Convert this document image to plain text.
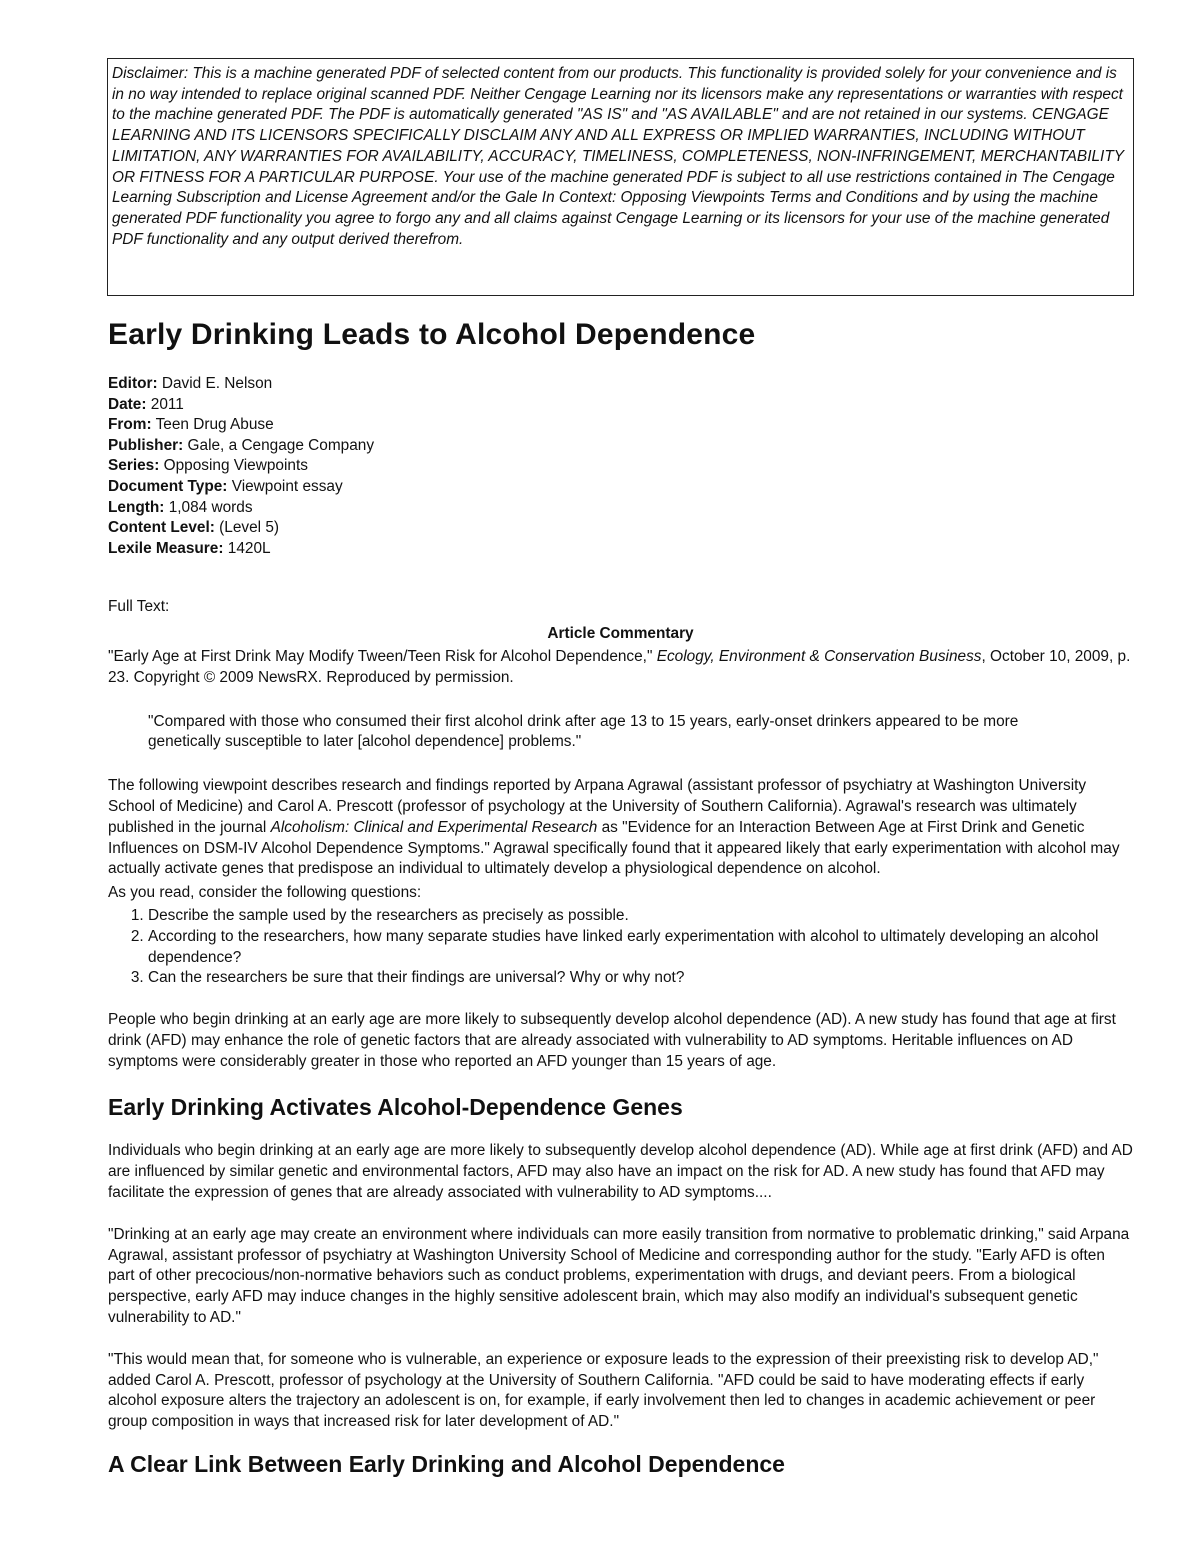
Disclaimer: This is a machine generated PDF of selected content from our products. This functionality is provided solely for your convenience and is in no way intended to replace original scanned PDF. Neither Cengage Learning nor its licensors make any representations or warranties with respect to the machine generated PDF. The PDF is automatically generated "AS IS" and "AS AVAILABLE" and are not retained in our systems. CENGAGE LEARNING AND ITS LICENSORS SPECIFICALLY DISCLAIM ANY AND ALL EXPRESS OR IMPLIED WARRANTIES, INCLUDING WITHOUT LIMITATION, ANY WARRANTIES FOR AVAILABILITY, ACCURACY, TIMELINESS, COMPLETENESS, NON-INFRINGEMENT, MERCHANTABILITY OR FITNESS FOR A PARTICULAR PURPOSE. Your use of the machine generated PDF is subject to all use restrictions contained in The Cengage Learning Subscription and License Agreement and/or the Gale In Context: Opposing Viewpoints Terms and Conditions and by using the machine generated PDF functionality you agree to forgo any and all claims against Cengage Learning or its licensors for your use of the machine generated PDF functionality and any output derived therefrom.
Early Drinking Leads to Alcohol Dependence
Editor: David E. Nelson
Date: 2011
From: Teen Drug Abuse
Publisher: Gale, a Cengage Company
Series: Opposing Viewpoints
Document Type: Viewpoint essay
Length: 1,084 words
Content Level: (Level 5)
Lexile Measure: 1420L
Full Text:
Article Commentary

"Early Age at First Drink May Modify Tween/Teen Risk for Alcohol Dependence," Ecology, Environment & Conservation Business, October 10, 2009, p. 23. Copyright © 2009 NewsRX. Reproduced by permission.

"Compared with those who consumed their first alcohol drink after age 13 to 15 years, early-onset drinkers appeared to be more genetically susceptible to later [alcohol dependence] problems."

The following viewpoint describes research and findings reported by Arpana Agrawal (assistant professor of psychiatry at Washington University School of Medicine) and Carol A. Prescott (professor of psychology at the University of Southern California). Agrawal's research was ultimately published in the journal Alcoholism: Clinical and Experimental Research as "Evidence for an Interaction Between Age at First Drink and Genetic Influences on DSM-IV Alcohol Dependence Symptoms." Agrawal specifically found that it appeared likely that early experimentation with alcohol may actually activate genes that predispose an individual to ultimately develop a physiological dependence on alcohol.

As you read, consider the following questions:

1. Describe the sample used by the researchers as precisely as possible.
2. According to the researchers, how many separate studies have linked early experimentation with alcohol to ultimately developing an alcohol dependence?
3. Can the researchers be sure that their findings are universal? Why or why not?

People who begin drinking at an early age are more likely to subsequently develop alcohol dependence (AD). A new study has found that age at first drink (AFD) may enhance the role of genetic factors that are already associated with vulnerability to AD symptoms. Heritable influences on AD symptoms were considerably greater in those who reported an AFD younger than 15 years of age.

Early Drinking Activates Alcohol-Dependence Genes

Individuals who begin drinking at an early age are more likely to subsequently develop alcohol dependence (AD). While age at first drink (AFD) and AD are influenced by similar genetic and environmental factors, AFD may also have an impact on the risk for AD. A new study has found that AFD may facilitate the expression of genes that are already associated with vulnerability to AD symptoms....

"Drinking at an early age may create an environment where individuals can more easily transition from normative to problematic drinking," said Arpana Agrawal, assistant professor of psychiatry at Washington University School of Medicine and corresponding author for the study. "Early AFD is often part of other precocious/non-normative behaviors such as conduct problems, experimentation with drugs, and deviant peers. From a biological perspective, early AFD may induce changes in the highly sensitive adolescent brain, which may also modify an individual's subsequent genetic vulnerability to AD."

"This would mean that, for someone who is vulnerable, an experience or exposure leads to the expression of their preexisting risk to develop AD," added Carol A. Prescott, professor of psychology at the University of Southern California. "AFD could be said to have moderating effects if early alcohol exposure alters the trajectory an adolescent is on, for example, if early involvement then led to changes in academic achievement or peer group composition in ways that increased risk for later development of AD."

A Clear Link Between Early Drinking and Alcohol Dependence
